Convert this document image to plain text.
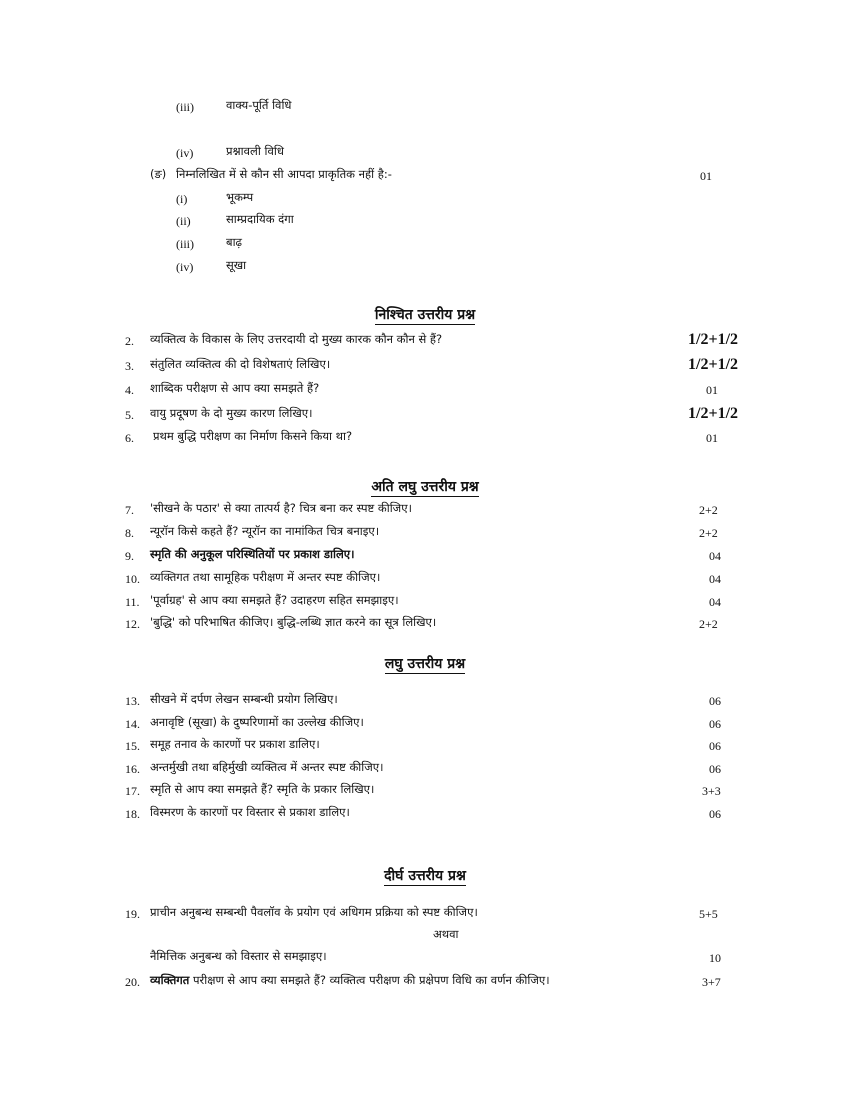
(iii)	वाक्य-पूर्ति विधि
(iv)	प्रश्नावली विधि
(ङ) निम्नलिखित में से कौन सी आपदा प्राकृतिक नहीं है:-	01
(i)	भूकम्प
(ii)	साम्प्रदायिक दंगा
(iii)	बाढ़
(iv)	सूखा
निश्चित उत्तरीय प्रश्न
2. व्यक्तित्व के विकास के लिए उत्तरदायी दो मुख्य कारक कौन कौन से हैं?	1/2+1/2
3. संतुलित व्यक्तित्व की दो विशेषताएं लिखिए।	1/2+1/2
4. शाब्दिक परीक्षण से आप क्या समझते हैं?	01
5. वायु प्रदूषण के दो मुख्य कारण लिखिए।	1/2+1/2
6. प्रथम बुद्धि परीक्षण का निर्माण किसने किया था?	01
अति लघु उत्तरीय प्रश्न
7. 'सीखने के पठार' से क्या तात्पर्य है? चित्र बना कर स्पष्ट कीजिए।	2+2
8. न्यूरॉन किसे कहते हैं? न्यूरॉन का नामांकित चित्र बनाइए।	2+2
9. स्मृति की अनुकूल परिस्थितियों पर प्रकाश डालिए।	04
10. व्यक्तिगत तथा सामूहिक परीक्षण में अन्तर स्पष्ट कीजिए।	04
11. 'पूर्वाग्रह' से आप क्या समझते हैं? उदाहरण सहित समझाइए।	04
12. 'बुद्धि' को परिभाषित कीजिए। बुद्धि-लब्धि ज्ञात करने का सूत्र लिखिए।	2+2
लघु उत्तरीय प्रश्न
13. सीखने में दर्पण लेखन सम्बन्धी प्रयोग लिखिए।	06
14. अनावृष्टि (सूखा) के दुष्परिणामों का उल्लेख कीजिए।	06
15. समूह तनाव के कारणों पर प्रकाश डालिए।	06
16. अन्तर्मुखी तथा बहिर्मुखी व्यक्तित्व में अन्तर स्पष्ट कीजिए।	06
17. स्मृति से आप क्या समझते हैं? स्मृति के प्रकार लिखिए।	3+3
18. विस्मरण के कारणों पर विस्तार से प्रकाश डालिए।	06
दीर्घ उत्तरीय प्रश्न
19. प्राचीन अनुबन्ध सम्बन्धी पैवलॉव के प्रयोग एवं अधिगम प्रक्रिया को स्पष्ट कीजिए।	5+5
अथवा
नैमित्तिक अनुबन्ध को विस्तार से समझाइए।	10
20. व्यक्तिगत परीक्षण से आप क्या समझते हैं? व्यक्तित्व परीक्षण की प्रक्षेपण विधि का वर्णन कीजिए।	3+7
